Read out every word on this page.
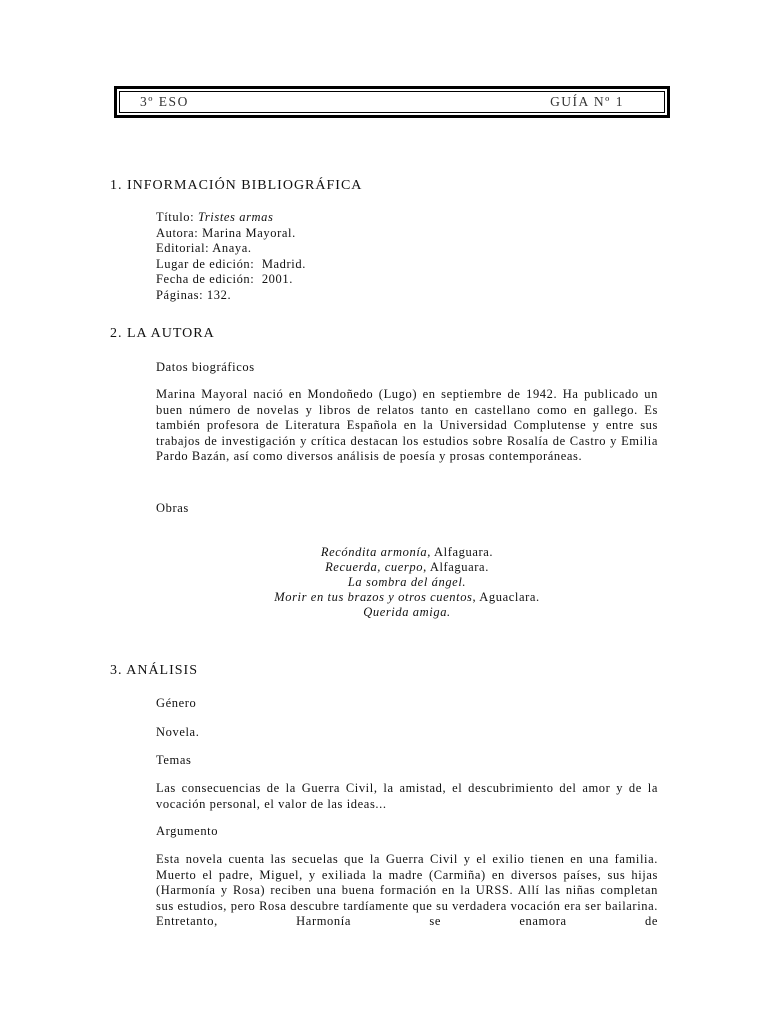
3º ESO	GUÍA Nº 1
1. INFORMACIÓN BIBLIOGRÁFICA
Título: Tristes armas
Autora: Marina Mayoral.
Editorial: Anaya.
Lugar de edición:  Madrid.
Fecha de edición:  2001.
Páginas: 132.
2. LA AUTORA
Datos biográficos
Marina Mayoral nació en Mondoñedo (Lugo) en septiembre de 1942. Ha publicado un buen número de novelas y libros de relatos tanto en castellano como en gallego. Es también profesora de Literatura Española en la Universidad Complutense y entre sus trabajos de investigación y crítica destacan los estudios sobre Rosalía de Castro y Emilia Pardo Bazán, así como diversos análisis de poesía y prosas contemporáneas.
Obras
Recóndita armonía, Alfaguara.
Recuerda, cuerpo, Alfaguara.
La sombra del ángel.
Morir en tus brazos y otros cuentos, Aguaclara.
Querida amiga.
3. ANÁLISIS
Género
Novela.
Temas
Las consecuencias de la Guerra Civil, la amistad, el descubrimiento del amor y de la vocación personal, el valor de las ideas...
Argumento
Esta novela cuenta las secuelas que la Guerra Civil y el exilio tienen en una familia. Muerto el padre, Miguel, y exiliada la madre (Carmiña) en diversos países, sus hijas (Harmonía y Rosa) reciben una buena formación en la URSS. Allí las niñas completan sus estudios, pero Rosa descubre tardíamente que su verdadera vocación era ser bailarina. Entretanto, Harmonía se enamora de
